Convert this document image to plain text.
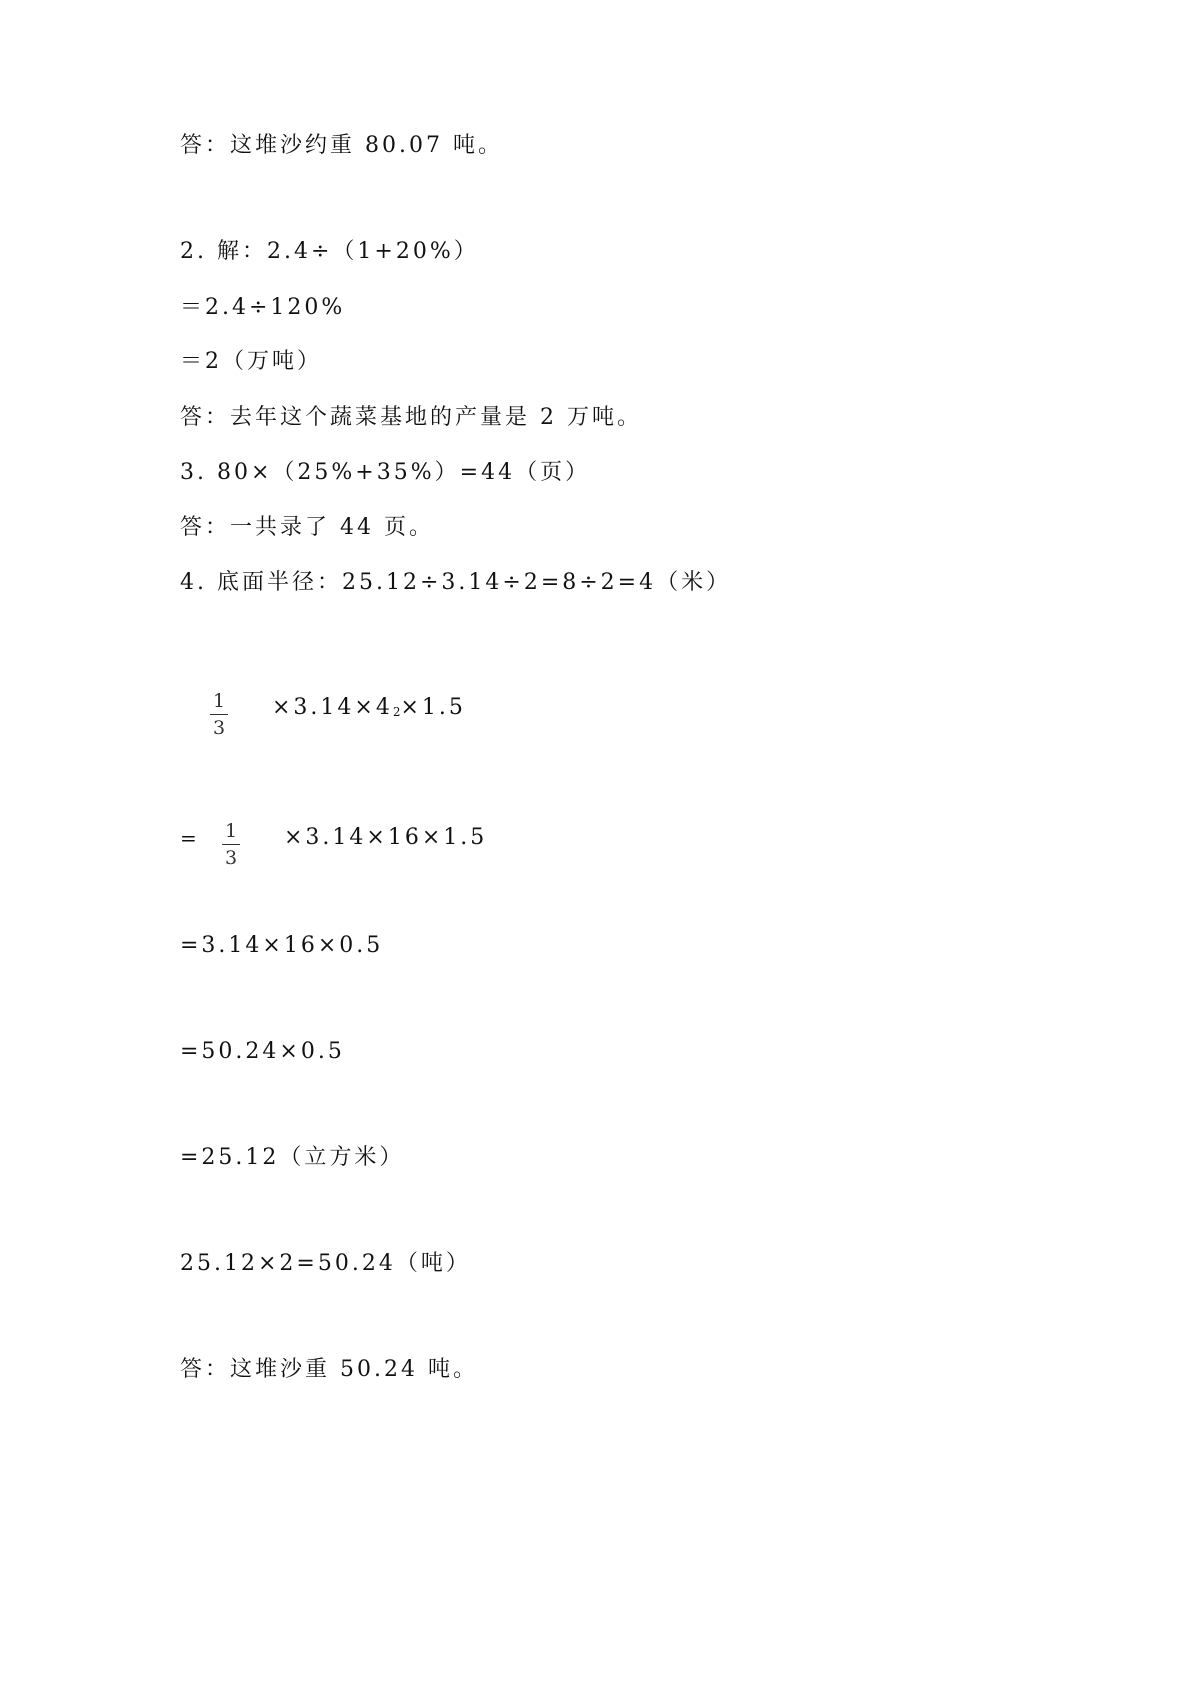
答：这堆沙约重 80.07 吨。
2. 解：2.4÷（1+20%）
＝2.4÷120%
＝2（万吨）
答：去年这个蔬菜基地的产量是 2 万吨。
3. 80×（25%+35%）=44（页）
答：一共录了 44 页。
4. 底面半径：25.12÷3.14÷2=8÷2=4（米）
1
3
×3.14×42×1.5
= 1
3
×3.14×16×1.5
=3.14×16×0.5
=50.24×0.5
=25.12（立方米）
25.12×2=50.24（吨）
答：这堆沙重 50.24 吨。
